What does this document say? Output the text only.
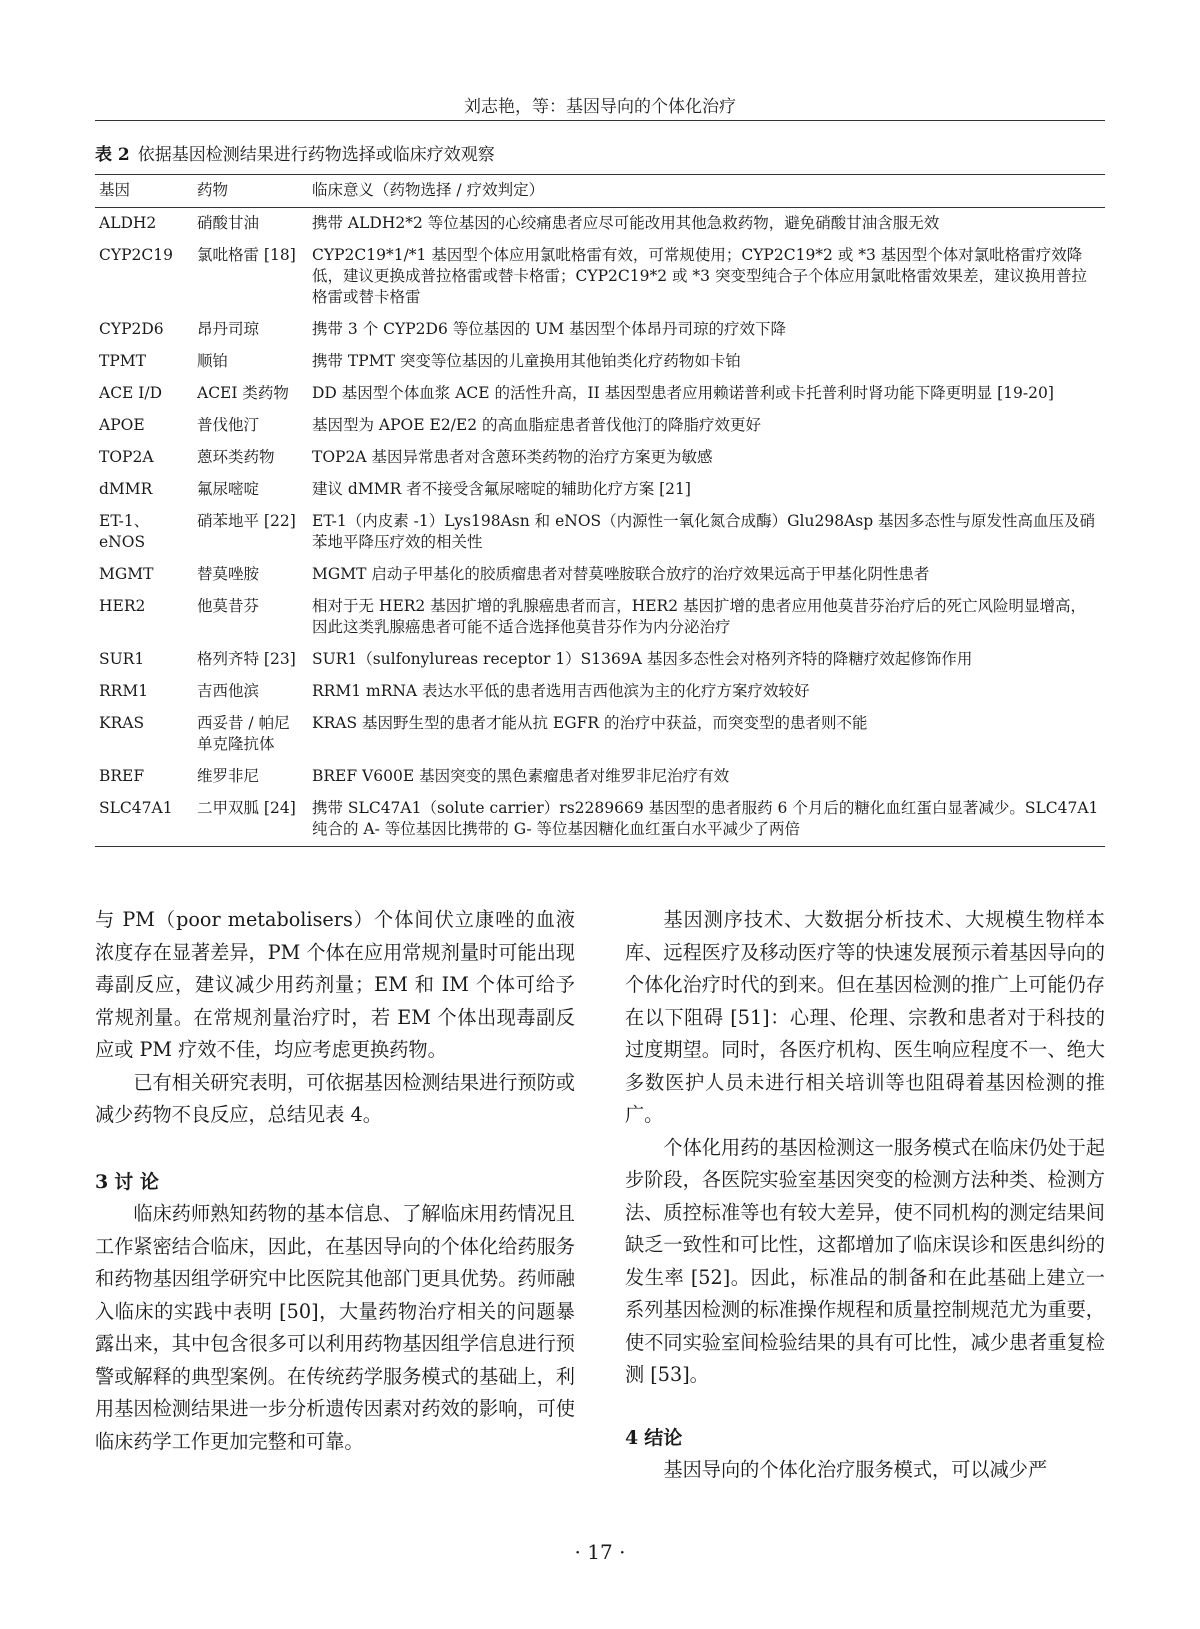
刘志艳，等：基因导向的个体化治疗
表 2 依据基因检测结果进行药物选择或临床疗效观察
基因	药物	临床意义（药物选择 / 疗效判定）
ALDH2	硝酸甘油	携带 ALDH2*2 等位基因的心绞痛患者应尽可能改用其他急救药物，避免硝酸甘油含服无效
CYP2C19	氯吡格雷 [18]	CYP2C19*1/*1 基因型个体应用氯吡格雷有效，可常规使用；CYP2C19*2 或 *3 基因型个体对氯吡格雷疗效降低，建议更换成普拉格雷或替卡格雷；CYP2C19*2 或 *3 突变型纯合子个体应用氯吡格雷效果差，建议换用普拉格雷或替卡格雷
CYP2D6	昂丹司琼	携带 3 个 CYP2D6 等位基因的 UM 基因型个体昂丹司琼的疗效下降
TPMT	顺铂	携带 TPMT 突变等位基因的儿童换用其他铂类化疗药物如卡铂
ACE I/D	ACEI 类药物	DD 基因型个体血浆 ACE 的活性升高，II 基因型患者应用赖诺普利或卡托普利时肾功能下降更明显 [19-20]
APOE	普伐他汀	基因型为 APOE E2/E2 的高血脂症患者普伐他汀的降脂疗效更好
TOP2A	蒽环类药物	TOP2A 基因异常患者对含蒽环类药物的治疗方案更为敏感
dMMR	氟尿嘧啶	建议 dMMR 者不接受含氟尿嘧啶的辅助化疗方案 [21]
ET-1、eNOS	硝苯地平 [22]	ET-1（内皮素 -1）Lys198Asn 和 eNOS（内源性一氧化氮合成酶）Glu298Asp 基因多态性与原发性高血压及硝苯地平降压疗效的相关性
MGMT	替莫唑胺	MGMT 启动子甲基化的胶质瘤患者对替莫唑胺联合放疗的治疗效果远高于甲基化阴性患者
HER2	他莫昔芬	相对于无 HER2 基因扩增的乳腺癌患者而言，HER2 基因扩增的患者应用他莫昔芬治疗后的死亡风险明显增高，因此这类乳腺癌患者可能不适合选择他莫昔芬作为内分泌治疗
SUR1	格列齐特 [23]	SUR1（sulfonylureas receptor 1）S1369A 基因多态性会对格列齐特的降糖疗效起修饰作用
RRM1	吉西他滨	RRM1 mRNA 表达水平低的患者选用吉西他滨为主的化疗方案疗效较好
KRAS	西妥昔 / 帕尼单克隆抗体	KRAS 基因野生型的患者才能从抗 EGFR 的治疗中获益，而突变型的患者则不能
BREF	维罗非尼	BREF V600E 基因突变的黑色素瘤患者对维罗非尼治疗有效
SLC47A1	二甲双胍 [24]	携带 SLC47A1（solute carrier）rs2289669 基因型的患者服药 6 个月后的糖化血红蛋白显著减少。SLC47A1 纯合的 A- 等位基因比携带的 G- 等位基因糖化血红蛋白水平减少了两倍

与 PM（poor metabolisers）个体间伏立康唑的血液浓度存在显著差异，PM 个体在应用常规剂量时可能出现毒副反应，建议减少用药剂量；EM 和 IM 个体可给予常规剂量。在常规剂量治疗时，若 EM 个体出现毒副反应或 PM 疗效不佳，均应考虑更换药物。

已有相关研究表明，可依据基因检测结果进行预防或减少药物不良反应，总结见表 4。

3 讨 论

临床药师熟知药物的基本信息、了解临床用药情况且工作紧密结合临床，因此，在基因导向的个体化给药服务和药物基因组学研究中比医院其他部门更具优势。药师融入临床的实践中表明 [50]，大量药物治疗相关的问题暴露出来，其中包含很多可以利用药物基因组学信息进行预警或解释的典型案例。在传统药学服务模式的基础上，利用基因检测结果进一步分析遗传因素对药效的影响，可使临床药学工作更加完整和可靠。

基因测序技术、大数据分析技术、大规模生物样本库、远程医疗及移动医疗等的快速发展预示着基因导向的个体化治疗时代的到来。但在基因检测的推广上可能仍存在以下阻碍 [51]：心理、伦理、宗教和患者对于科技的过度期望。同时，各医疗机构、医生响应程度不一、绝大多数医护人员未进行相关培训等也阻碍着基因检测的推广。

个体化用药的基因检测这一服务模式在临床仍处于起步阶段，各医院实验室基因突变的检测方法种类、检测方法、质控标准等也有较大差异，使不同机构的测定结果间缺乏一致性和可比性，这都增加了临床误诊和医患纠纷的发生率 [52]。因此，标准品的制备和在此基础上建立一系列基因检测的标准操作规程和质量控制规范尤为重要，使不同实验室间检验结果的具有可比性，减少患者重复检测 [53]。

4 结论

基因导向的个体化治疗服务模式，可以减少严

· 17 ·
